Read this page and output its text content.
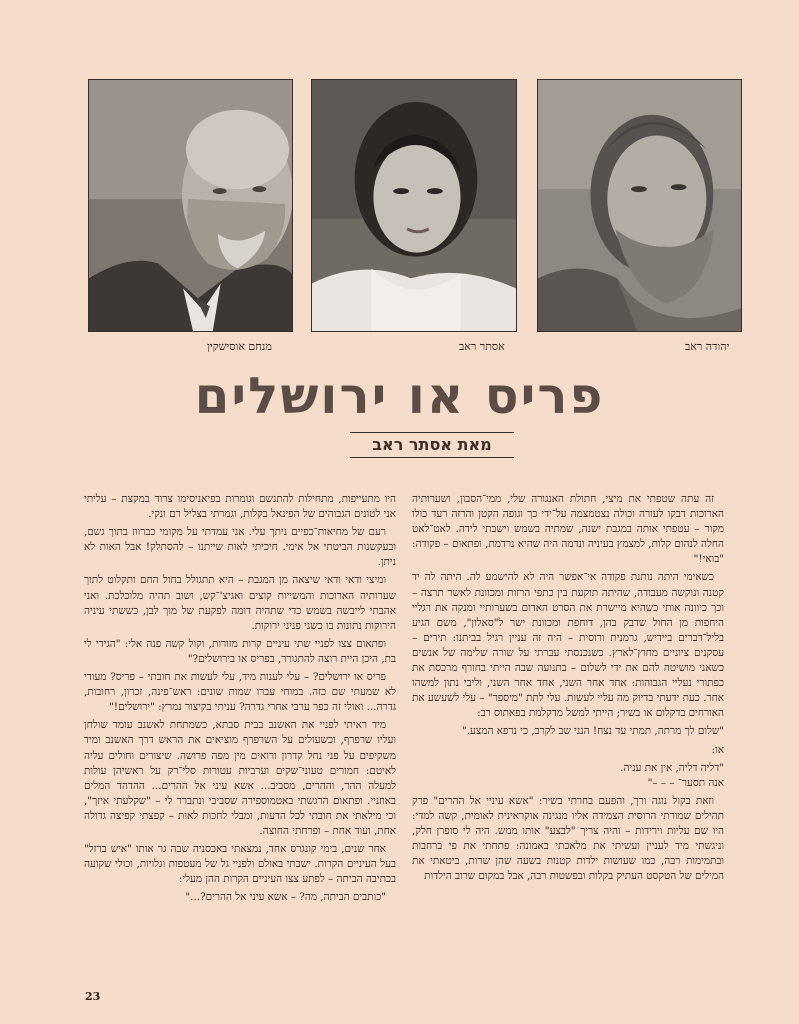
מנחם אוסישקין	אסתר ראב	יהודה ראב
פריס או ירושלים
מאת אסתר ראב

זה עתה שטפתי את מיצי, חתולת האנגורה שלי, ממי־הסבון, ושערותיה הארוכות דבקו לעורה וכולה נצטמצמה על־ידי כך וגופה הקטן והרזה רעד כולו מקור – עטפתי אותה במגבת ישנה, שמתיה בשמש וישבתי לידה. לאט־לאט החלה לנהום קלות, למצמץ בעיניה ונדמה היה שהיא נרדמת, ופתאום – פקודה: "בואי!"

כשאימי היתה נותנת פקודה אי־אפשר היה לא להישמע לה. היתה לה יד קטנה ונוקשה מעבודה, שהיתה תוקעת בין כתפי הרזות ומכוונת לאשר תרצה – וכך כיוונה אותי כשהיא מיישרת את הסרט האדום בשערותיי ומנקה את רגליי היחפות מן החול שדבק בהן, דוחפת ומכוונת ישר ל"סאלון", משם הגיע בליל־דברים ביידיש, גרמנית ורוסית – היה זה עניין רגיל בביתנו: תירים – עסקנים ציוניים מחוץ־לארץ. כשנכנסתי עברתי על שורה שלימה של אנשים כשאני מושיטה להם את ידי לשלום – בתנועה שבה הייתי בחורף מרכסת את כפתורי נעליי הגבוהות: אחד אחר השני, אחד אחר השני, וליבי נתון למשהו אחר. כעת ידעתי בדיוק מה עליי לעשות. עלי לתת "מיספר" – עלי לשעשע את האורחים בדקלום או בשיר; הייתי למשל מדקלמת בפאתוס רב:

"שלום לך מרתה, תמתי עד נצח! הנני שב לקרב, כי נרפא המצע."

או:

"דליה דליה, אין את עניה.

אנה תסער־ – – –"

וזאת בקול נוגה ורך, והפעם בחרתי בשיר: "אשא עיניי אל ההרים" פרק תהילים שמורתי הרוסית הצמידה אליו מנגינה אוקראינית לאומית, קשה למדי: היו שם עליות וירידות – והיה צריך "לבצע" אותו ממש. היה לי סופרן חלק, וניגשתי מיד לעניין ועשיתי את מלאכתי באמונה: פתחתי את פי ברחבות ובתמימות רבה, כמו שעושות ילדות קטנות בשעה שהן שרות, ביטאתי את המילים של הטקסט העתיק בקלות ובפשטות רבה, אבל במקום שרוב הילדות

היו מתעייפות, מתחילות להתנשם וגומרות בפיאניסימו צרוד במקצת – עליתי אני לטונים הגבוהים של הפינאל בקלות, וגמרתי בצליל רם ונקי.

רעם של מחיאות־כפיים ניתך עלי. אני עמדתי על מקומי כברווז בתוך גשם, ובעקשנות הביטתי אל אימי. חיכיתי לאות שייתנו – להסתלק! אבל האות לא ניתן.

ומיצי ודאי ודאי שיצאה מן המגבת – היא תתגולל בחול החם ותקלוט לתוך שערותיה הארוכות והמשייות קוצים ואגיצ'־קש, ושוב תהיה מלוכלכת. ואני אהבתי לייבשה בשמש כדי שתהיה דומה לפקעת של מוך לבן, כששתי עיניה הירוקות נתונות בו כשני פניני ירוקות.

ופתאום צצו לפניי שתי עיניים קרות מזורות, וקול קשה פנה אלי: "הגידי לי בת, היכן היית רוצה להתגורר, בפריס או בירושלים?"

פריס או ירושלים? – עלי לענות מיד, עלי לעשות את חובתי – פריס? מעודי לא שמעתי שם כזה. במוחי עברו שמות שונים: ראש־פינה, זכרון, רחובות, גדרה... ואולי זה כפר ערבי אחרי גדרה? עניתי בקיצור נמרץ: "ירושלים!"

מיד ראיתי לפניי את האשנב בבית סבתא, כשמתחת לאשנב עומד שולחן ועליו שרפרף, וכשעולים על השרפרף מוציאים את הראש דרך האשנב ומיד משקיפים על פני נחל קדרון ורואים מין מפה פרושה. שיצורים וחולים עליה לאיטם: חמורים טעוני־שקים וערביות עטורות סלי־רק על ראשיהן עולות למעלה ההר, וההרים, מסביב... אשא עיני אל ההרים... ההדהד המלים באוזניי. ופתאום הרגשתי באטמוספירה שסביבי ונתברר לי – "שקלעתי איזך", וכי מילאתי את חובתי לכל הדעות, ומבלי לחכות לאות – קפצתי קפיצה גדולה אחת, ועוד אחת – ופרחתי החוצה.

אחר שנים, בימי קונגרס אחד, נמצאתי באכסניה שבה גר אותו "איש ברזל" בעל העיניים הקרות. ישבתי באולם ולפניי גל של מעטפות וגלויות, וכולי שקועה בכתיבה הביתה – לפתע צצו העיניים הקרות ההן מעלי:

"כותבים הביתה, מה? – אשא עיני אל ההרים?..."

23
